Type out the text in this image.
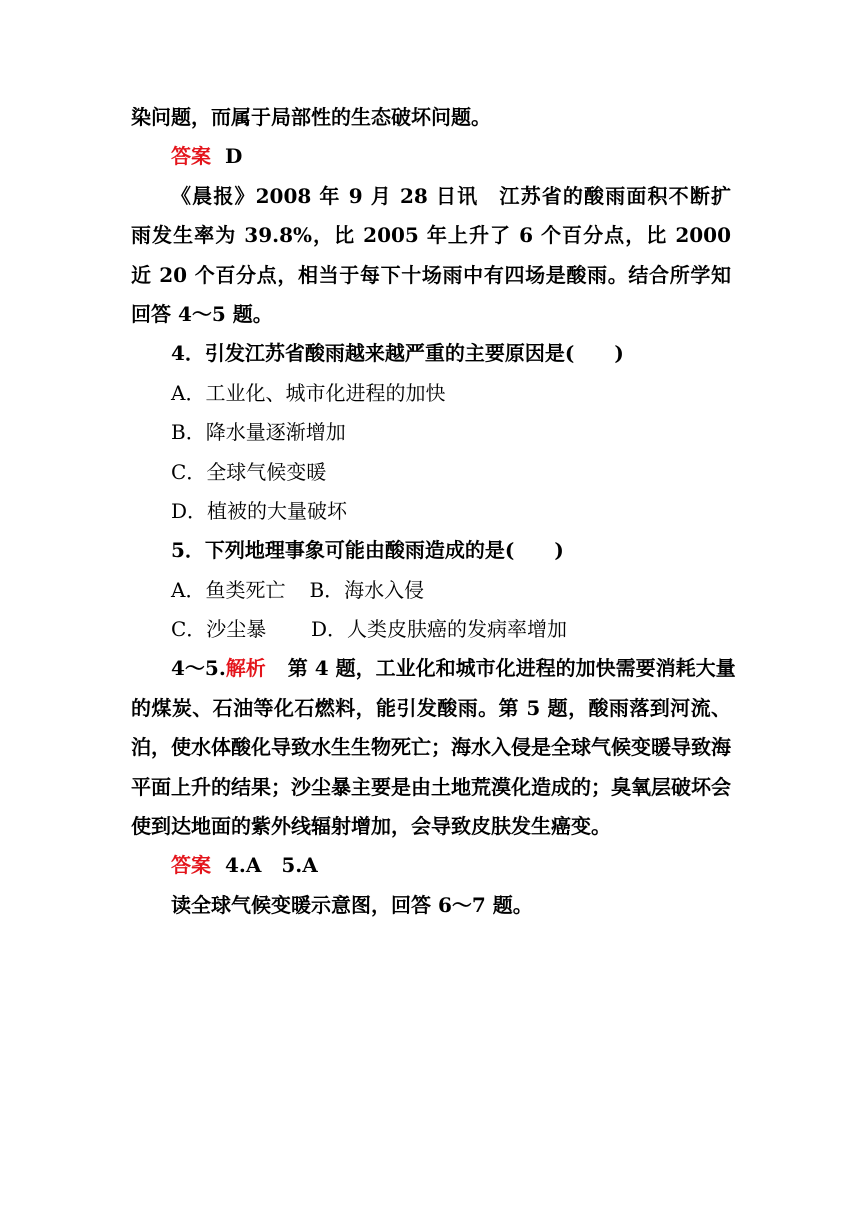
染问题，而属于局部性的生态破坏问题。
答案 D
《晨报》2008 年 9 月 28 日讯　江苏省的酸雨面积不断扩
雨发生率为 39.8%，比 2005 年上升了 6 个百分点，比 2000
近 20 个百分点，相当于每下十场雨中有四场是酸雨。结合所学知
回答 4～5 题。
4．引发江苏省酸雨越来越严重的主要原因是(　　)
A．工业化、城市化进程的加快
B．降水量逐渐增加
C．全球气候变暖
D．植被的大量破坏
5．下列地理事象可能由酸雨造成的是(　　)
A．鱼类死亡 B．海水入侵
C．沙尘暴 D．人类皮肤癌的发病率增加
4～5.解析 第 4 题，工业化和城市化进程的加快需要消耗大量
的煤炭、石油等化石燃料，能引发酸雨。第 5 题，酸雨落到河流、
泊，使水体酸化导致水生生物死亡；海水入侵是全球气候变暖导致海
平面上升的结果；沙尘暴主要是由土地荒漠化造成的；臭氧层破坏会
使到达地面的紫外线辐射增加，会导致皮肤发生癌变。
答案 4.A　5.A
读全球气候变暖示意图，回答 6～7 题。
